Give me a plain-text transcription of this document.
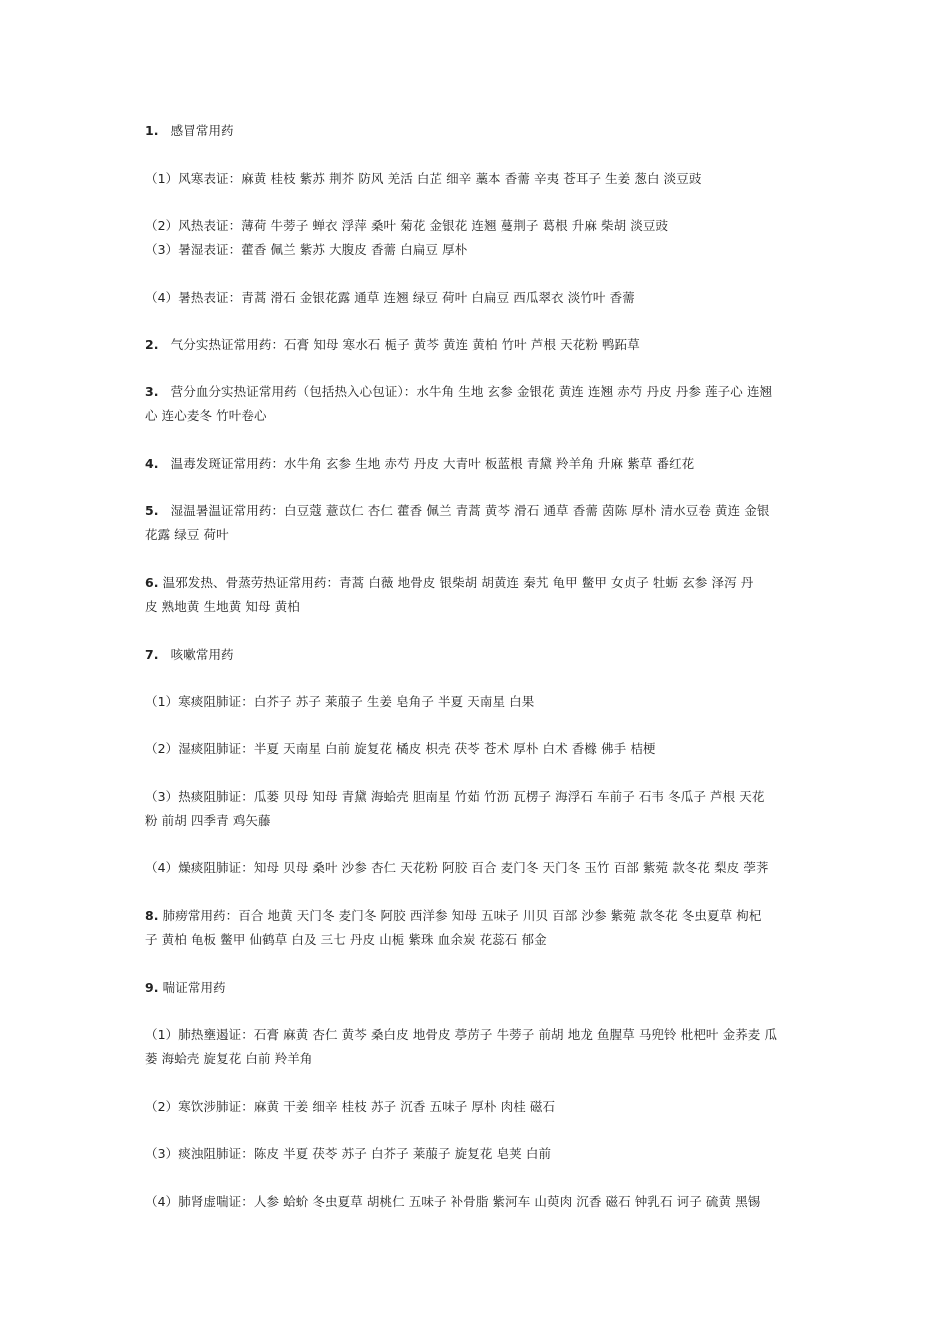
1. 感冒常用药
（1）风寒表证：麻黄 桂枝 紫苏 荆芥 防风 羌活 白芷 细辛 藁本 香薷 辛夷 苍耳子 生姜 葱白 淡豆豉
（2）风热表证：薄荷 牛蒡子 蝉衣 浮萍 桑叶 菊花 金银花 连翘 蔓荆子 葛根 升麻 柴胡 淡豆豉
（3）暑湿表证：藿香 佩兰 紫苏 大腹皮 香薷 白扁豆 厚朴
（4）暑热表证：青蒿 滑石 金银花露 通草 连翘 绿豆 荷叶 白扁豆 西瓜翠衣 淡竹叶 香薷
2. 气分实热证常用药：石膏 知母 寒水石 栀子 黄芩 黄连 黄柏 竹叶 芦根 天花粉 鸭跖草
3. 营分血分实热证常用药（包括热入心包证）：水牛角 生地 玄参 金银花 黄连 连翘 赤芍 丹皮 丹参 莲子心 连翘
心 连心麦冬 竹叶卷心
4. 温毒发斑证常用药：水牛角 玄参 生地 赤芍 丹皮 大青叶 板蓝根 青黛 羚羊角 升麻 紫草 番红花
5. 湿温暑温证常用药：白豆蔻 薏苡仁 杏仁 藿香 佩兰 青蒿 黄芩 滑石 通草 香薷 茵陈 厚朴 清水豆卷 黄连 金银
花露 绿豆 荷叶
6. 温邪发热、骨蒸劳热证常用药：青蒿 白薇 地骨皮 银柴胡 胡黄连 秦艽 龟甲 鳖甲 女贞子 牡蛎 玄参 泽泻 丹
皮 熟地黄 生地黄 知母 黄柏
7. 咳嗽常用药
（1）寒痰阻肺证：白芥子 苏子 莱菔子 生姜 皂角子 半夏 天南星 白果
（2）湿痰阻肺证：半夏 天南星 白前 旋复花 橘皮 枳壳 茯苓 苍术 厚朴 白术 香橼 佛手 桔梗
（3）热痰阻肺证：瓜蒌 贝母 知母 青黛 海蛤壳 胆南星 竹茹 竹沥 瓦楞子 海浮石 车前子 石韦 冬瓜子 芦根 天花
粉 前胡 四季青 鸡矢藤
（4）燥痰阻肺证：知母 贝母 桑叶 沙参 杏仁 天花粉 阿胶 百合 麦门冬 天门冬 玉竹 百部 紫菀 款冬花 梨皮 荸荠
8. 肺痨常用药：百合 地黄 天门冬 麦门冬 阿胶 西洋参 知母 五味子 川贝 百部 沙参 紫菀 款冬花 冬虫夏草 枸杞
子 黄柏 龟板 鳖甲 仙鹤草 白及 三七 丹皮 山栀 紫珠 血余炭 花蕊石 郁金
9. 喘证常用药
（1）肺热壅遏证：石膏 麻黄 杏仁 黄芩 桑白皮 地骨皮 葶苈子 牛蒡子 前胡 地龙 鱼腥草 马兜铃 枇杷叶 金荞麦 瓜
蒌 海蛤壳 旋复花 白前 羚羊角
（2）寒饮涉肺证：麻黄 干姜 细辛 桂枝 苏子 沉香 五味子 厚朴 肉桂 磁石
（3）痰浊阻肺证：陈皮 半夏 茯苓 苏子 白芥子 莱菔子 旋复花 皂荚 白前
（4）肺肾虚喘证：人参 蛤蚧 冬虫夏草 胡桃仁 五味子 补骨脂 紫河车 山萸肉 沉香 磁石 钟乳石 诃子 硫黄 黑锡
